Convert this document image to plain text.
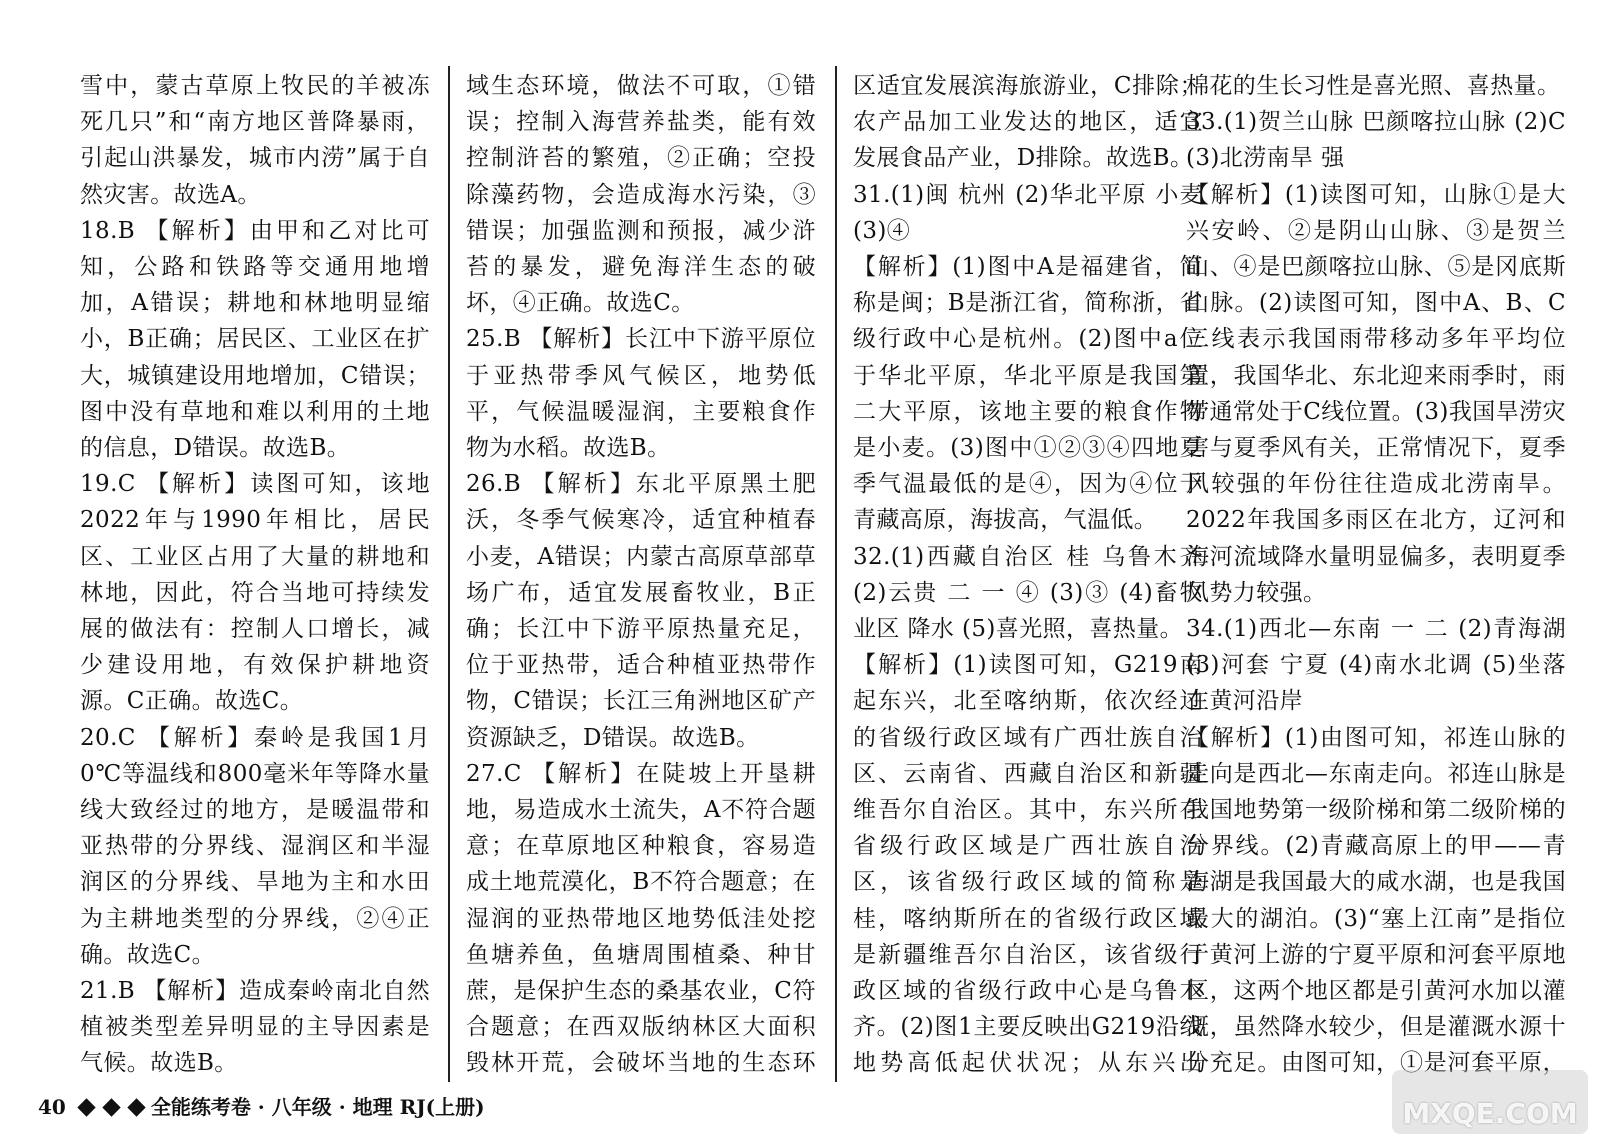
雪中，蒙古草原上牧民的羊被冻死几只”和“南方地区普降暴雨，引起山洪暴发，城市内涝”属于自然灾害。故选A。

18.B 【解析】由甲和乙对比可知，公路和铁路等交通用地增加，A错误；耕地和林地明显缩小，B正确；居民区、工业区在扩大，城镇建设用地增加，C错误；图中没有草地和难以利用的土地的信息，D错误。故选B。

19.C 【解析】读图可知，该地2022年与1990年相比，居民区、工业区占用了大量的耕地和林地，因此，符合当地可持续发展的做法有：控制人口增长，减少建设用地，有效保护耕地资源。C正确。故选C。

20.C 【解析】秦岭是我国1月0℃等温线和800毫米年等降水量线大致经过的地方，是暖温带和亚热带的分界线、湿润区和半湿润区的分界线、旱地为主和水田为主耕地类型的分界线，②④正确。故选C。

21.B 【解析】造成秦岭南北自然植被类型差异明显的主导因素是气候。故选B。

域生态环境，做法不可取，①错误；控制入海营养盐类，能有效控制浒苔的繁殖，②正确；空投除藻药物，会造成海水污染，③错误；加强监测和预报，减少浒苔的暴发，避免海洋生态的破坏，④正确。故选C。

25.B 【解析】长江中下游平原位于亚热带季风气候区，地势低平，气候温暖湿润，主要粮食作物为水稻。故选B。

26.B 【解析】东北平原黑土肥沃，冬季气候寒冷，适宜种植春小麦，A错误；内蒙古高原草部草场广布，适宜发展畜牧业，B正确；长江中下游平原热量充足，位于亚热带，适合种植亚热带作物，C错误；长江三角洲地区矿产资源缺乏，D错误。故选B。

27.C 【解析】在陡坡上开垦耕地，易造成水土流失，A不符合题意；在草原地区种粮食，容易造成土地荒漠化，B不符合题意；在湿润的亚热带地区地势低洼处挖鱼塘养鱼，鱼塘周围植桑、种甘蔗，是保护生态的桑基农业，C符合题意；在西双版纳林区大面积毁林开荒，会破坏当地的生态环

区适宜发展滨海旅游业，C排除；农产品加工业发达的地区，适宜发展食品产业，D排除。故选B。

31.(1)闽 杭州 (2)华北平原 小麦 (3)④

【解析】(1)图中A是福建省，简称是闽；B是浙江省，简称浙，省级行政中心是杭州。(2)图中a位于华北平原，华北平原是我国第二大平原，该地主要的粮食作物是小麦。(3)图中①②③④四地夏季气温最低的是④，因为④位于青藏高原，海拔高，气温低。

32.(1)西藏自治区 桂 乌鲁木齐 (2)云贵 二 一 ④ (3)③ (4)畜牧业区 降水 (5)喜光照，喜热量。

【解析】(1)读图可知，G219南起东兴，北至喀纳斯，依次经过的省级行政区域有广西壮族自治区、云南省、西藏自治区和新疆维吾尔自治区。其中，东兴所在省级行政区域是广西壮族自治区，该省级行政区域的简称是桂，喀纳斯所在的省级行政区域是新疆维吾尔自治区，该省级行政区域的省级行政中心是乌鲁木齐。(2)图1主要反映出G219沿线地势高低起伏状况；从东兴出

棉花的生长习性是喜光照、喜热量。

33.(1)贺兰山脉 巴颜喀拉山脉 (2)C (3)北涝南旱 强

【解析】(1)读图可知，山脉①是大兴安岭、②是阴山山脉、③是贺兰山、④是巴颜喀拉山脉、⑤是冈底斯山脉。(2)读图可知，图中A、B、C三线表示我国雨带移动多年平均位置，我国华北、东北迎来雨季时，雨带通常处于C线位置。(3)我国旱涝灾害与夏季风有关，正常情况下，夏季风较强的年份往往造成北涝南旱。2022年我国多雨区在北方，辽河和海河流域降水量明显偏多，表明夏季风势力较强。

34.(1)西北—东南 一 二 (2)青海湖 (3)河套 宁夏 (4)南水北调 (5)坐落在黄河沿岸

【解析】(1)由图可知，祁连山脉的走向是西北—东南走向。祁连山脉是我国地势第一级阶梯和第二级阶梯的分界线。(2)青藏高原上的甲——青海湖是我国最大的咸水湖，也是我国最大的湖泊。(3)“塞上江南”是指位于黄河上游的宁夏平原和河套平原地区，这两个地区都是引黄河水加以灌溉，虽然降水较少，但是灌溉水源十分充足。由图可知，①是河套平原，

40	全能练考卷 · 八年级 · 地理 RJ(上册)	MXQE.COM
